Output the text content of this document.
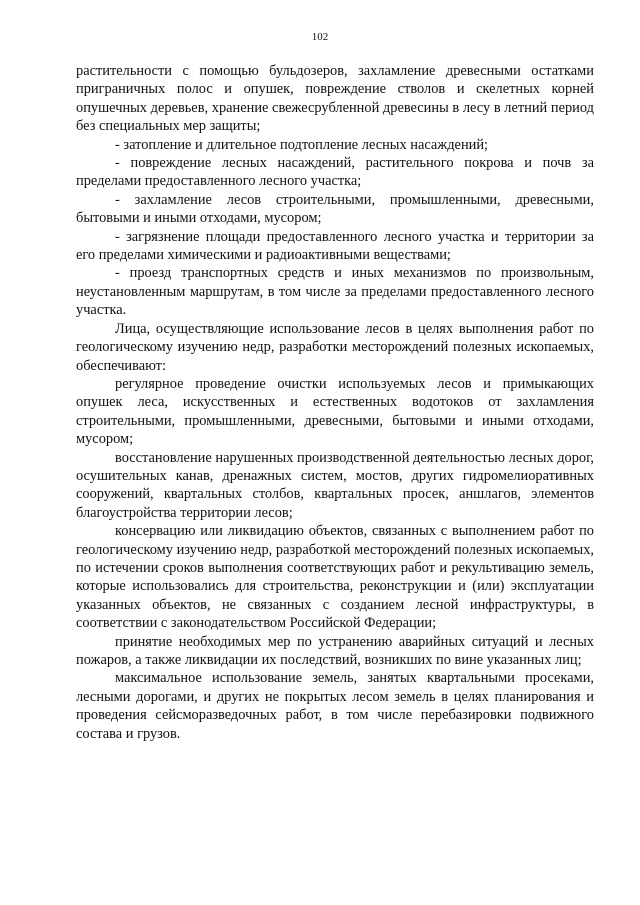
102

растительности с помощью бульдозеров, захламление древесными остатками приграничных полос и опушек, повреждение стволов и скелетных корней опушечных деревьев, хранение свежесрубленной древесины в лесу в летний период без специальных мер защиты;

- затопление и длительное подтопление лесных насаждений;

- повреждение лесных насаждений, растительного покрова и почв за пределами предоставленного лесного участка;

- захламление лесов строительными, промышленными, древесными, бытовыми и иными отходами, мусором;

- загрязнение площади предоставленного лесного участка и территории за его пределами химическими и радиоактивными веществами;

- проезд транспортных средств и иных механизмов по произвольным, неустановленным маршрутам, в том числе за пределами предоставленного лесного участка.

Лица, осуществляющие использование лесов в целях выполнения работ по геологическому изучению недр, разработки месторождений полезных ископаемых, обеспечивают:

регулярное проведение очистки используемых лесов и примыкающих опушек леса, искусственных и естественных водотоков от захламления строительными, промышленными, древесными, бытовыми и иными отходами, мусором;

восстановление нарушенных производственной деятельностью лесных дорог, осушительных канав, дренажных систем, мостов, других гидромелиоративных сооружений, квартальных столбов, квартальных просек, аншлагов, элементов благоустройства территории лесов;

консервацию или ликвидацию объектов, связанных с выполнением работ по геологическому изучению недр, разработкой месторождений полезных ископаемых, по истечении сроков выполнения соответствующих работ и рекультивацию земель, которые использовались для строительства, реконструкции и (или) эксплуатации указанных объектов, не связанных с созданием лесной инфраструктуры, в соответствии с законодательством Российской Федерации;

принятие необходимых мер по устранению аварийных ситуаций и лесных пожаров, а также ликвидации их последствий, возникших по вине указанных лиц;

максимальное использование земель, занятых квартальными просеками, лесными дорогами, и других не покрытых лесом земель в целях планирования и проведения сейсморазведочных работ, в том числе перебазировки подвижного состава и грузов.
